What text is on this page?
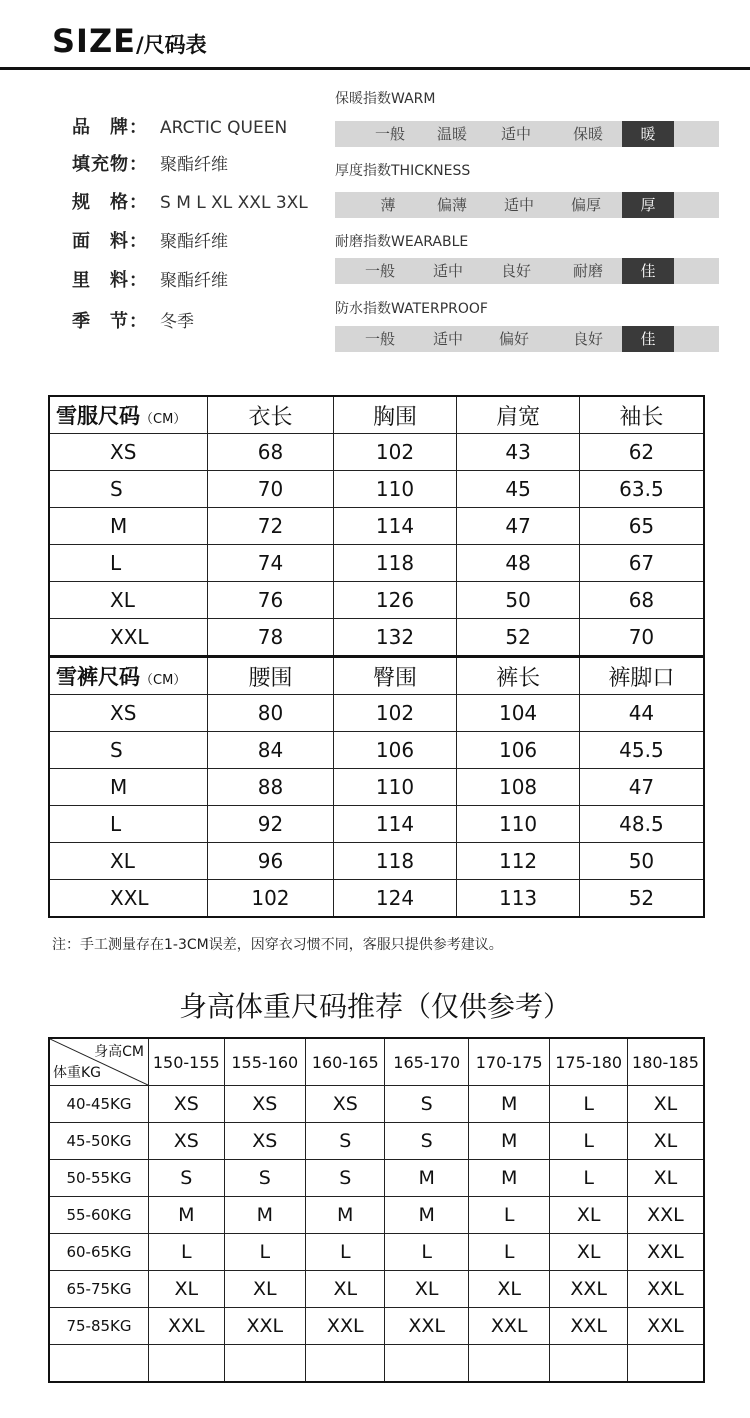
SIZE/尺码表
品　牌： ARCTIC QUEEN
填充物： 聚酯纤维
规　格： S M L XL XXL 3XL
面　料： 聚酯纤维
里　料： 聚酯纤维
季　节： 冬季
保暖指数WARM
一般	温暖	适中	保暖	暖
厚度指数THICKNESS
薄	偏薄	适中	偏厚	厚
耐磨指数WEARABLE
一般	适中	良好	耐磨	佳
防水指数WATERPROOF
一般	适中	偏好	良好	佳
雪服尺码（CM）	衣长	胸围	肩宽	袖长
XS	68	102	43	62
S	70	110	45	63.5
M	72	114	47	65
L	74	118	48	67
XL	76	126	50	68
XXL	78	132	52	70
雪裤尺码（CM）	腰围	臀围	裤长	裤脚口
XS	80	102	104	44
S	84	106	106	45.5
M	88	110	108	47
L	92	114	110	48.5
XL	96	118	112	50
XXL	102	124	113	52
注：手工测量存在1-3CM误差，因穿衣习惯不同，客服只提供参考建议。
身高体重尺码推荐（仅供参考）
身高CM
体重KG	150-155	155-160	160-165	165-170	170-175	175-180	180-185
40-45KG	XS	XS	XS	S	M	L	XL
45-50KG	XS	XS	S	S	M	L	XL
50-55KG	S	S	S	M	M	L	XL
55-60KG	M	M	M	M	L	XL	XXL
60-65KG	L	L	L	L	L	XL	XXL
65-75KG	XL	XL	XL	XL	XL	XXL	XXL
75-85KG	XXL	XXL	XXL	XXL	XXL	XXL	XXL
